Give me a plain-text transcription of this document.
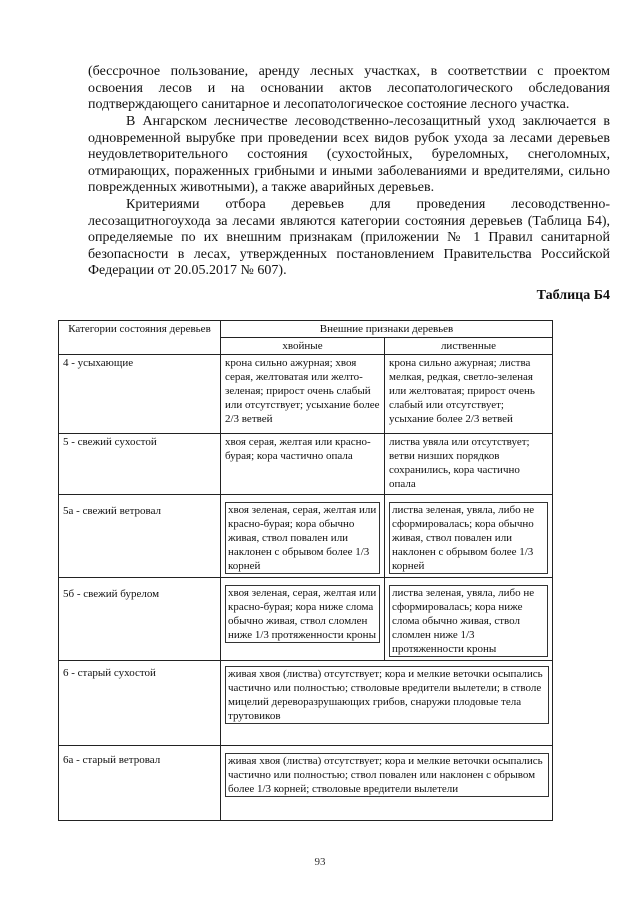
(бессрочное пользование, аренду лесных участках, в соответствии с проектом освоения лесов и на основании актов лесопатологического обследования подтверждающего санитарное и лесопатологическое состояние лесного участка.

В Ангарском лесничестве лесоводственно-лесозащитный уход заключается в одновременной вырубке при проведении всех видов рубок ухода за лесами деревьев неудовлетворительного состояния (сухостойных, буреломных, снеголомных, отмирающих, пораженных грибными и иными заболеваниями и вредителями, сильно поврежденных животными), а также аварийных деревьев.

Критериями отбора деревьев для проведения лесоводственно-лесозащитногоухода за лесами являются категории состояния деревьев (Таблица Б4), определяемые по их внешним признакам (приложении № 1 Правил санитарной безопасности в лесах, утвержденных постановлением Правительства Российской Федерации от 20.05.2017 № 607).

Таблица Б4
Категории состояния деревьев	Внешние признаки деревьев	
	хвойные	лиственные
4 - усыхающие	крона сильно ажурная; хвоя серая, желтоватая или желто-зеленая; прирост очень слабый или отсутствует; усыхание более 2/3 ветвей	крона сильно ажурная; листва мелкая, редкая, светло-зеленая или желтоватая; прирост очень слабый или отсутствует; усыхание более 2/3 ветвей
5 - свежий сухостой	хвоя серая, желтая или красно-бурая; кора частично опала	листва увяла или отсутствует; ветви низших порядков сохранились, кора частично опала

5а - свежий ветровал	хвоя зеленая, серая, желтая или красно-бурая; кора обычно живая, ствол повален или наклонен с обрывом более 1/3 корней	листва зеленая, увяла, либо не сформировалась; кора обычно живая, ствол повален или наклонен с обрывом более 1/3 корней

5б - свежий бурелом	хвоя зеленая, серая, желтая или красно-бурая; кора ниже слома обычно живая, ствол сломлен ниже 1/3 протяженности кроны	листва зеленая, увяла, либо не сформировалась; кора ниже слома обычно живая, ствол сломлен ниже 1/3 протяженности кроны

6 - старый сухостой	живая хвоя (листва) отсутствует; кора и мелкие веточки осыпались частично или полностью; стволовые вредители вылетели; в стволе мицелий дереворазрушающих грибов, снаружи плодовые тела трутовиков	

6а - старый ветровал	живая хвоя (листва) отсутствует; кора и мелкие веточки осыпались частично или полностью; ствол повален или наклонен с обрывом более 1/3 корней; стволовые вредители вылетели	
93
